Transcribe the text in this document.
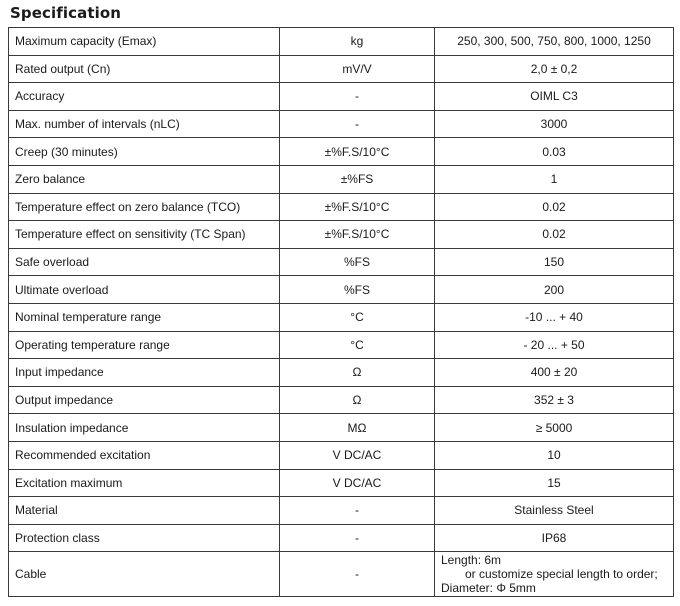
Specification
Maximum capacity (Emax)	kg	250, 300, 500, 750, 800, 1000, 1250
Rated output (Cn)	mV/V	2,0 ± 0,2
Accuracy	-	OIML C3
Max. number of intervals (nLC)	-	3000
Creep (30 minutes)	±%F.S/10°C	0.03
Zero balance	±%FS	1
Temperature effect on zero balance (TCO)	±%F.S/10°C	0.02
Temperature effect on sensitivity (TC Span)	±%F.S/10°C	0.02
Safe overload	%FS	150
Ultimate overload	%FS	200
Nominal temperature range	°C	-10 ... + 40
Operating temperature range	°C	- 20 ... + 50
Input impedance	Ω	400 ± 20
Output impedance	Ω	352 ± 3
Insulation impedance	MΩ	≥ 5000
Recommended excitation	V DC/AC	10
Excitation maximum	V DC/AC	15
Material	-	Stainless Steel
Protection class	-	IP68
Cable	-	Length: 6m
or customize special length to order;
Diameter: Φ 5mm
